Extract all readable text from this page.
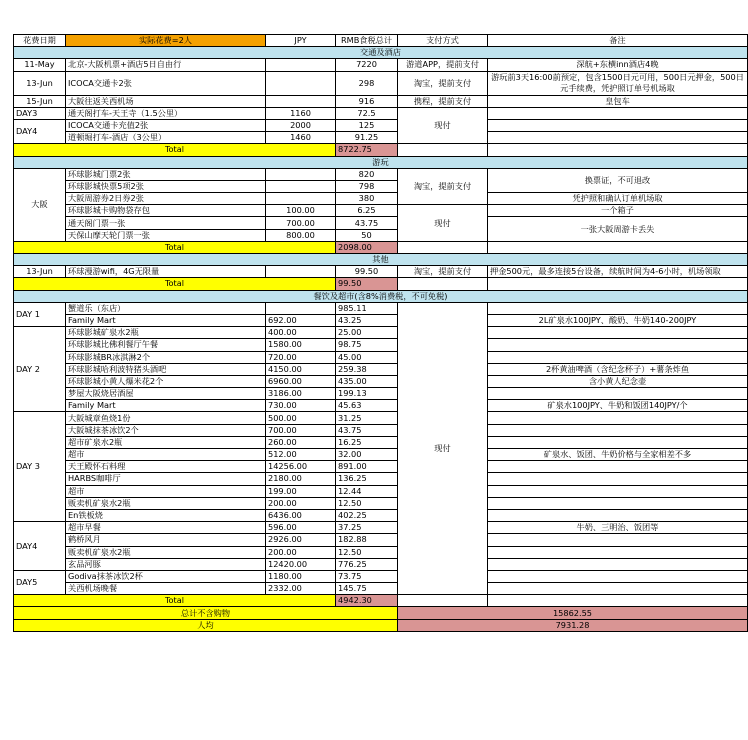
花费日期	实际花费=2人	JPY	RMB食税总计	支付方式	备注
交通及酒店					
11-May	北京-大阪机票+酒店5日自由行		7220	游道APP，提前支付	深航+东横inn酒店4晚
13-Jun	ICOCA交通卡2张		298	淘宝，提前支付	游玩前3天16:00前预定，包含1500日元可用，500日元押金，500日元手续费，凭护照订单号机场取
15-Jun	大阪往返关西机场		916	携程，提前支付	皇包车
DAY3	通天阁打车-天王寺（1.5公里）	1160	72.5	现付	
DAY4	ICOCA交通卡充值2张	2000	125		
	道顿堀打车-酒店（3公里）	1460	91.25		
Total			8722.75		
游玩					
大阪	环球影城门票2张		820	淘宝，提前支付	换票证，不可退改
	环球影城快票5项2张		798		
	大阪周游券2日券2张		380		凭护照和确认订单机场取
	环球影城卡购物袋存包	100.00	6.25	现付	一个箱子
	通天阁门票一张	700.00	43.75		一张大阪周游卡丢失
	天保山摩天轮门票一张	800.00	50		
Total			2098.00		
其他					
13-Jun	环球漫游wifi，4G无限量		99.50	淘宝，提前支付	押金500元，最多连接5台设备，续航时间为4-6小时，机场领取
Total			99.50		
餐饮及超市(含8%消费税，不可免税)					
DAY 1	蟹道乐（东店）		985.11	现付	
	Family Mart	692.00	43.25		2L矿泉水100JPY、酸奶、牛奶140-200JPY
DAY 2	环球影城矿泉水2瓶	400.00	25.00		
	环球影城比佛利餐厅午餐	1580.00	98.75		
	环球影城BR冰淇淋2个	720.00	45.00		
	环球影城哈利波特猪头酒吧	4150.00	259.38		2杯黄油啤酒（含纪念杯子）+薯条炸鱼
	环球影城小黄人爆米花2个	6960.00	435.00		含小黄人纪念壶
	梦屋大阪烧居酒屋	3186.00	199.13		
	Family Mart	730.00	45.63		矿泉水100JPY、牛奶和饭团140JPY/个
DAY 3	大阪城章鱼烧1份	500.00	31.25		
	大阪城抹茶冰饮2个	700.00	43.75		
	超市矿泉水2瓶	260.00	16.25		
	超市	512.00	32.00		矿泉水、饭团、牛奶价格与全家相差不多
	天王殿怀石料理	14256.00	891.00		
	HARBS咖啡厅	2180.00	136.25		
	超市	199.00	12.44		
	贩卖机矿泉水2瓶	200.00	12.50		
	En铁板烧	6436.00	402.25		
DAY4	超市早餐	596.00	37.25		牛奶、三明治、饭团等
	鹤桥风月	2926.00	182.88		
	贩卖机矿泉水2瓶	200.00	12.50		
	玄品河豚	12420.00	776.25		
DAY5	Godiva抹茶冰饮2杯	1180.00	73.75		
	关西机场晚餐	2332.00	145.75		
Total			4942.30		
总计不含购物				15862.55	
人均				7931.28	
